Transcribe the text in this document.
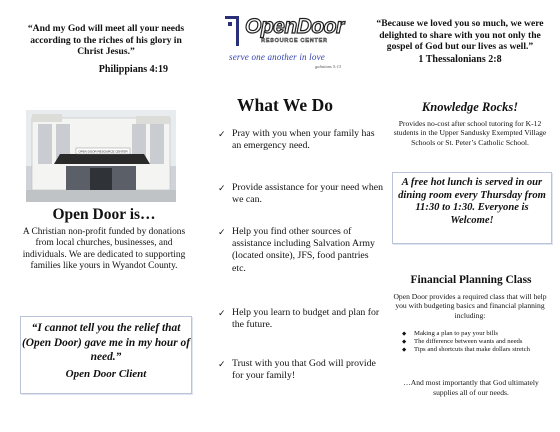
“And my God will meet all your needs according to the riches of his glory in Christ Jesus.”
Philippians 4:19
OpenDoor
RESOURCE CENTER
serve one another in love
galatians 5:13
“Because we loved you so much, we were delighted to share with you not only the gospel of God but our lives as well.”
1 Thessalonians 2:8
OPEN DOOR RESOURCE CENTER
Open Door is…
A Christian non-profit funded by donations from local churches, businesses, and individuals. We are dedicated to supporting families like yours in Wyandot County.
“I cannot tell you the relief that (Open Door) gave me in my hour of need.”
Open Door Client
What We Do
✓ Pray with you when your family has an emergency need.
✓ Provide assistance for your need when we can.
✓ Help you find other sources of assistance including Salvation Army (located onsite), JFS, food pantries etc.
✓ Help you learn to budget and plan for the future.
✓ Trust with you that God will provide for your family!
Knowledge Rocks!
Provides no-cost after school tutoring for K-12 students in the Upper Sandusky Exempted Village Schools or St. Peter’s Catholic School.
A free hot lunch is served in our dining room every Thursday from 11:30 to 1:30. Everyone is Welcome!
Financial Planning Class
Open Door provides a required class that will help you with budgeting basics and financial planning including:
◆ Making a plan to pay your bills
◆ The difference between wants and needs
◆ Tips and shortcuts that make dollars stretch
…And most importantly that God ultimately supplies all of our needs.
